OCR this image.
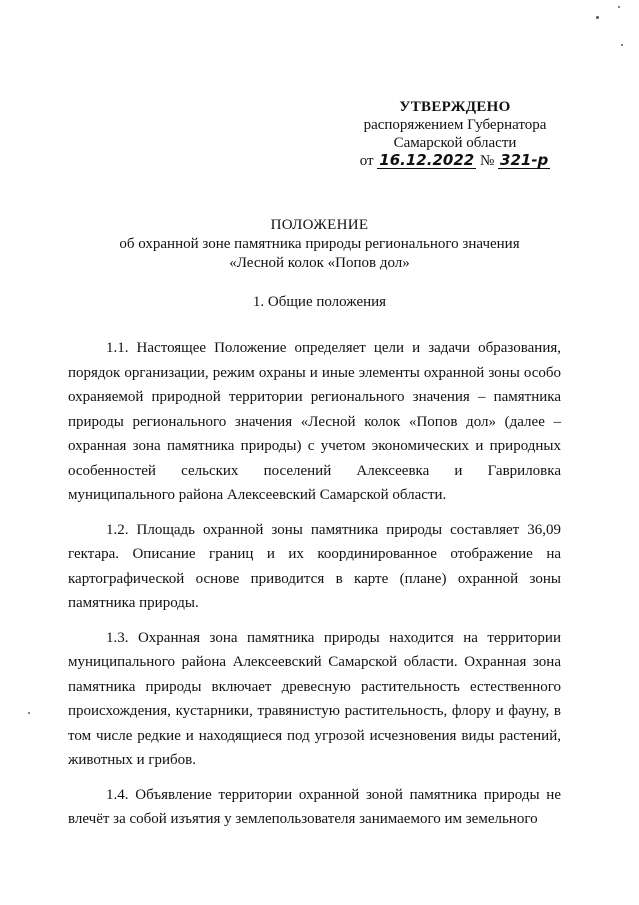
УТВЕРЖДЕНО
распоряжением Губернатора
Самарской области
от 16.12.2022 № 321-р
ПОЛОЖЕНИЕ
об охранной зоне памятника природы регионального значения
«Лесной колок «Попов дол»
1. Общие положения

1.1. Настоящее Положение определяет цели и задачи образования, порядок организации, режим охраны и иные элементы охранной зоны особо охраняемой природной территории регионального значения – памятника природы регионального значения «Лесной колок «Попов дол» (далее – охранная зона памятника природы) с учетом экономических и природных особенностей сельских поселений Алексеевка и Гавриловка муниципального района Алексеевский Самарской области.

1.2. Площадь охранной зоны памятника природы составляет 36,09 гектара. Описание границ и их координированное отображение на картографической основе приводится в карте (плане) охранной зоны памятника природы.

1.3. Охранная зона памятника природы находится на территории муниципального района Алексеевский Самарской области. Охранная зона памятника природы включает древесную растительность естественного происхождения, кустарники, травянистую растительность, флору и фауну, в том числе редкие и находящиеся под угрозой исчезновения виды растений, животных и грибов.

1.4. Объявление территории охранной зоной памятника природы не влечёт за собой изъятия у землепользователя занимаемого им земельного
